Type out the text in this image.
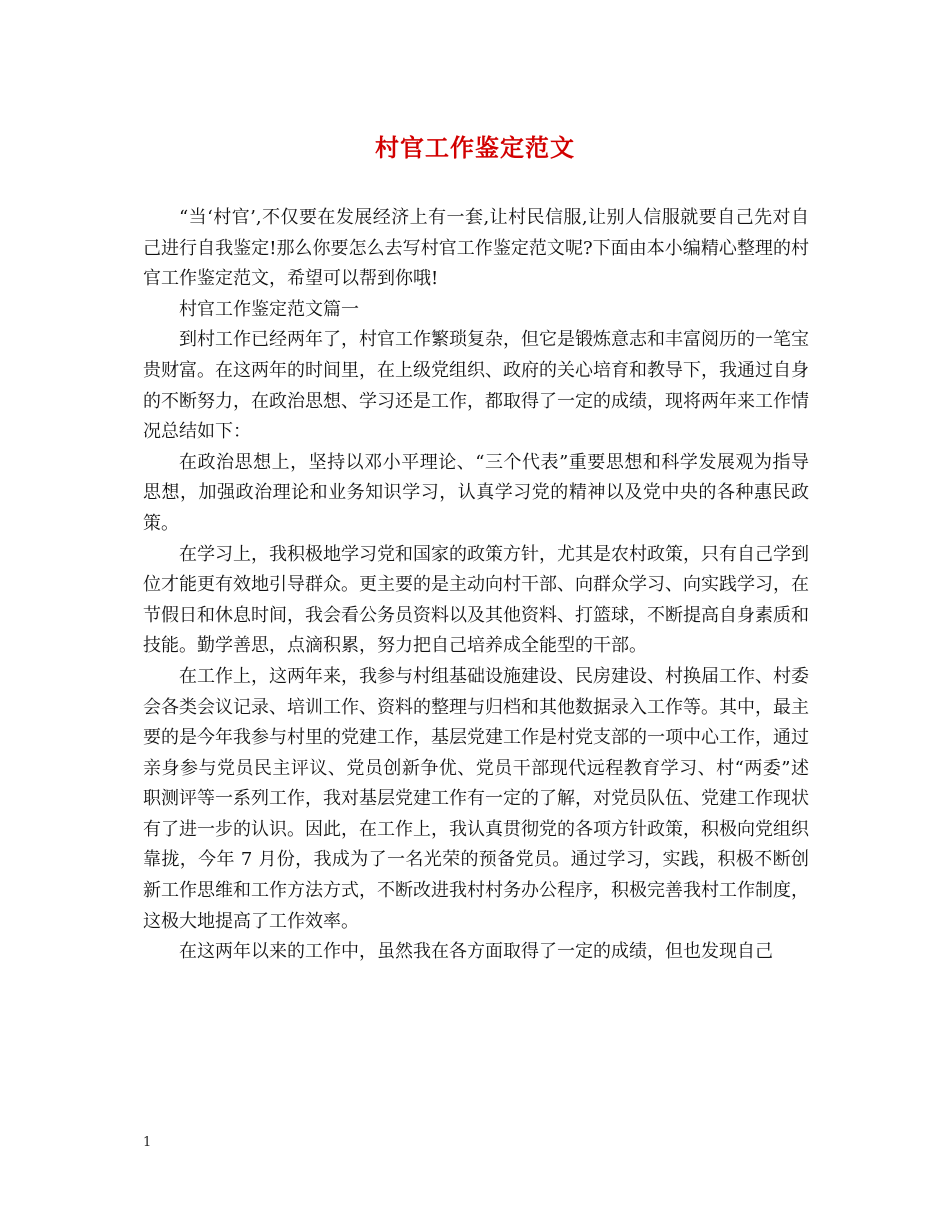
村官工作鉴定范文

“当‘村官’,不仅要在发展经济上有一套,让村民信服,让别人信服就要自己先对自己进行自我鉴定!那么你要怎么去写村官工作鉴定范文呢?下面由本小编精心整理的村官工作鉴定范文，希望可以帮到你哦!

村官工作鉴定范文篇一

到村工作已经两年了，村官工作繁琐复杂，但它是锻炼意志和丰富阅历的一笔宝贵财富。在这两年的时间里，在上级党组织、政府的关心培育和教导下，我通过自身的不断努力，在政治思想、学习还是工作，都取得了一定的成绩，现将两年来工作情况总结如下：

在政治思想上，坚持以邓小平理论、“三个代表”重要思想和科学发展观为指导思想，加强政治理论和业务知识学习，认真学习党的精神以及党中央的各种惠民政策。

在学习上，我积极地学习党和国家的政策方针，尤其是农村政策，只有自己学到位才能更有效地引导群众。更主要的是主动向村干部、向群众学习、向实践学习，在节假日和休息时间，我会看公务员资料以及其他资料、打篮球，不断提高自身素质和技能。勤学善思，点滴积累，努力把自己培养成全能型的干部。

在工作上，这两年来，我参与村组基础设施建设、民房建设、村换届工作、村委会各类会议记录、培训工作、资料的整理与归档和其他数据录入工作等。其中，最主要的是今年我参与村里的党建工作，基层党建工作是村党支部的一项中心工作，通过亲身参与党员民主评议、党员创新争优、党员干部现代远程教育学习、村“两委”述职测评等一系列工作，我对基层党建工作有一定的了解，对党员队伍、党建工作现状有了进一步的认识。因此，在工作上，我认真贯彻党的各项方针政策，积极向党组织靠拢，今年 7 月份，我成为了一名光荣的预备党员。通过学习，实践，积极不断创新工作思维和工作方法方式，不断改进我村村务办公程序，积极完善我村工作制度，这极大地提高了工作效率。

在这两年以来的工作中，虽然我在各方面取得了一定的成绩，但也发现自己

1
